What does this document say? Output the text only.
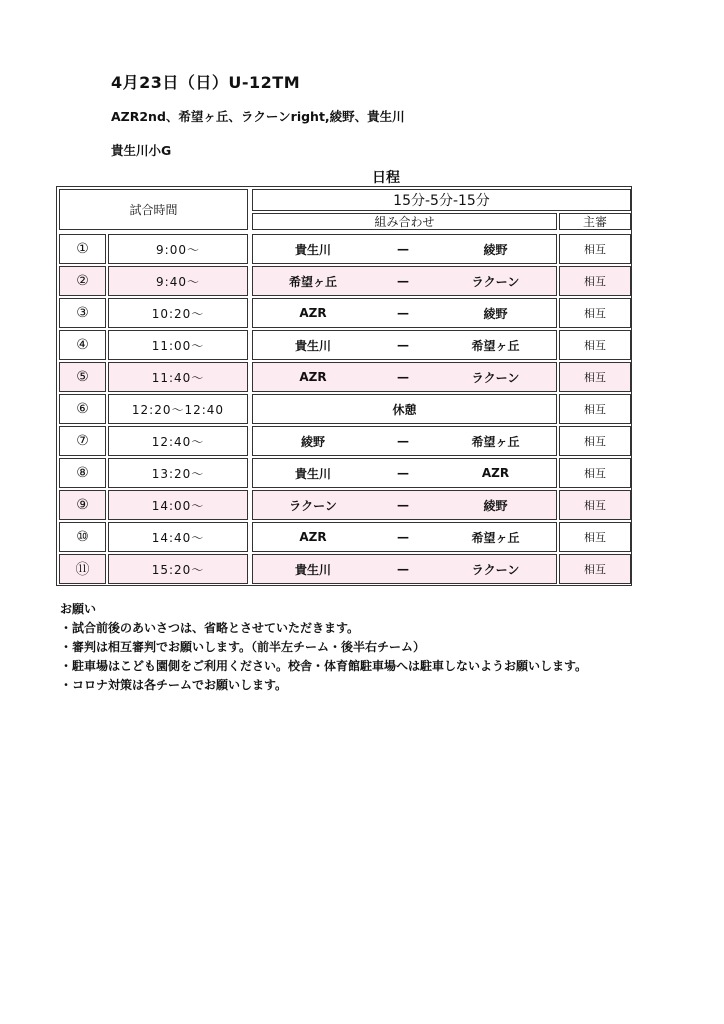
4月23日（日）U-12TM
AZR2nd、希望ヶ丘、ラクーンright,綾野、貴生川
貴生川小G
日程
試合時間
15分-5分-15分
組み合わせ	主審
①	9:00～	貴生川	—	綾野	相互
②	9:40～	希望ヶ丘	—	ラクーン	相互
③	10:20～	AZR	—	綾野	相互
④	11:00～	貴生川	—	希望ヶ丘	相互
⑤	11:40～	AZR	—	ラクーン	相互
⑥	12:20～12:40	休憩	相互
⑦	12:40～	綾野	—	希望ヶ丘	相互
⑧	13:20～	貴生川	—	AZR	相互
⑨	14:00～	ラクーン	—	綾野	相互
⑩	14:40～	AZR	—	希望ヶ丘	相互
⑪	15:20～	貴生川	—	ラクーン	相互
お願い
・試合前後のあいさつは、省略とさせていただきます。
・審判は相互審判でお願いします。（前半左チーム・後半右チーム）
・駐車場はこども園側をご利用ください。校舎・体育館駐車場へは駐車しないようお願いします。
・コロナ対策は各チームでお願いします。
